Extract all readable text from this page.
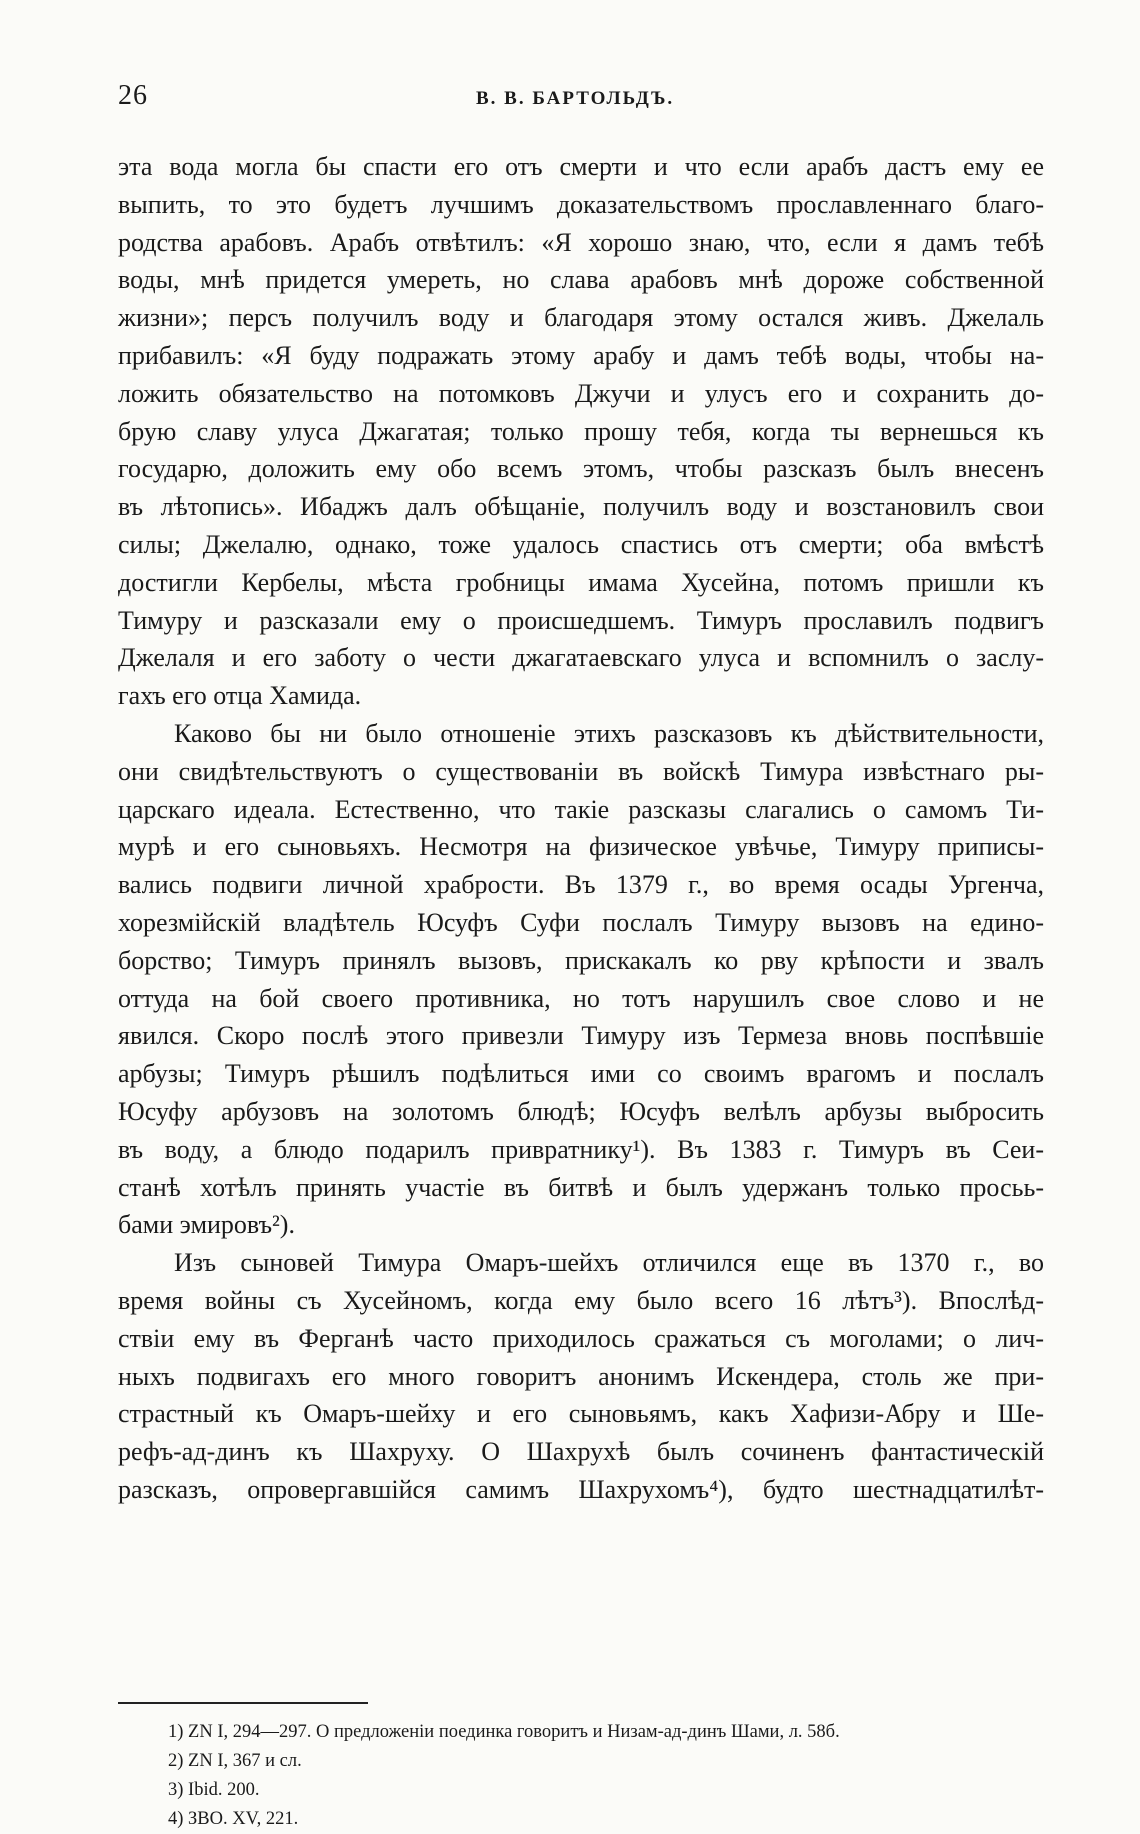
26	В. В. БАРТОЛЬДЪ.
эта вода могла бы спасти его отъ смерти и что если арабъ дастъ ему ее
выпить, то это будетъ лучшимъ доказательствомъ прославленнаго благо-
родства арабовъ. Арабъ отвѣтилъ: «Я хорошо знаю, что, если я дамъ тебѣ
воды, мнѣ придется умереть, но слава арабовъ мнѣ дороже собственной
жизни»; персъ получилъ воду и благодаря этому остался живъ. Джелаль
прибавилъ: «Я буду подражать этому арабу и дамъ тебѣ воды, чтобы на-
ложить обязательство на потомковъ Джучи и улусъ его и сохранить до-
брую славу улуса Джагатая; только прошу тебя, когда ты вернешься къ
государю, доложить ему обо всемъ этомъ, чтобы разсказъ былъ внесенъ
въ лѣтопись». Ибаджъ далъ обѣщаніе, получилъ воду и возстановилъ свои
силы; Джелалю, однако, тоже удалось спастись отъ смерти; оба вмѣстѣ
достигли Кербелы, мѣста гробницы имама Хусейна, потомъ пришли къ
Тимуру и разсказали ему о происшедшемъ. Тимуръ прославилъ подвигъ
Джелаля и его заботу о чести джагатаевскаго улуса и вспомнилъ о заслу-
гахъ его отца Хамида.
Каково бы ни было отношеніе этихъ разсказовъ къ дѣйствительности,
они свидѣтельствуютъ о существованіи въ войскѣ Тимура извѣстнаго ры-
царскаго идеала. Естественно, что такіе разсказы слагались о самомъ Ти-
мурѣ и его сыновьяхъ. Несмотря на физическое увѣчье, Тимуру приписы-
вались подвиги личной храбрости. Въ 1379 г., во время осады Ургенча,
хорезмійскій владѣтель Юсуфъ Суфи послалъ Тимуру вызовъ на едино-
борство; Тимуръ принялъ вызовъ, прискакалъ ко рву крѣпости и звалъ
оттуда на бой своего противника, но тотъ нарушилъ свое слово и не
явился. Скоро послѣ этого привезли Тимуру изъ Термеза вновь поспѣвшіе
арбузы; Тимуръ рѣшилъ подѣлиться ими со своимъ врагомъ и послалъ
Юсуфу арбузовъ на золотомъ блюдѣ; Юсуфъ велѣлъ арбузы выбросить
въ воду, а блюдо подарилъ привратнику¹). Въ 1383 г. Тимуръ въ Сеи-
станѣ хотѣлъ принять участіе въ битвѣ и былъ удержанъ только просьь-
бами эмировъ²).
Изъ сыновей Тимура Омаръ-шейхъ отличился еще въ 1370 г., во
время войны съ Хусейномъ, когда ему было всего 16 лѣтъ³). Впослѣд-
ствіи ему въ Ферганѣ часто приходилось сражаться съ моголами; о лич-
ныхъ подвигахъ его много говоритъ анонимъ Искендера, столь же при-
страстный къ Омаръ-шейху и его сыновьямъ, какъ Хафизи-Абру и Ше-
рефъ-ад-динъ къ Шахруху. О Шахрухѣ былъ сочиненъ фантастическій
разсказъ, опровергавшійся самимъ Шахрухомъ⁴), будто шестнадцатилѣт-
1) ZN I, 294—297. О предложеніи поединка говоритъ и Низам-ад-динъ Шами, л. 58б.
2) ZN I, 367 и сл.
3) Ibid. 200.
4) ЗВО. XV, 221.
